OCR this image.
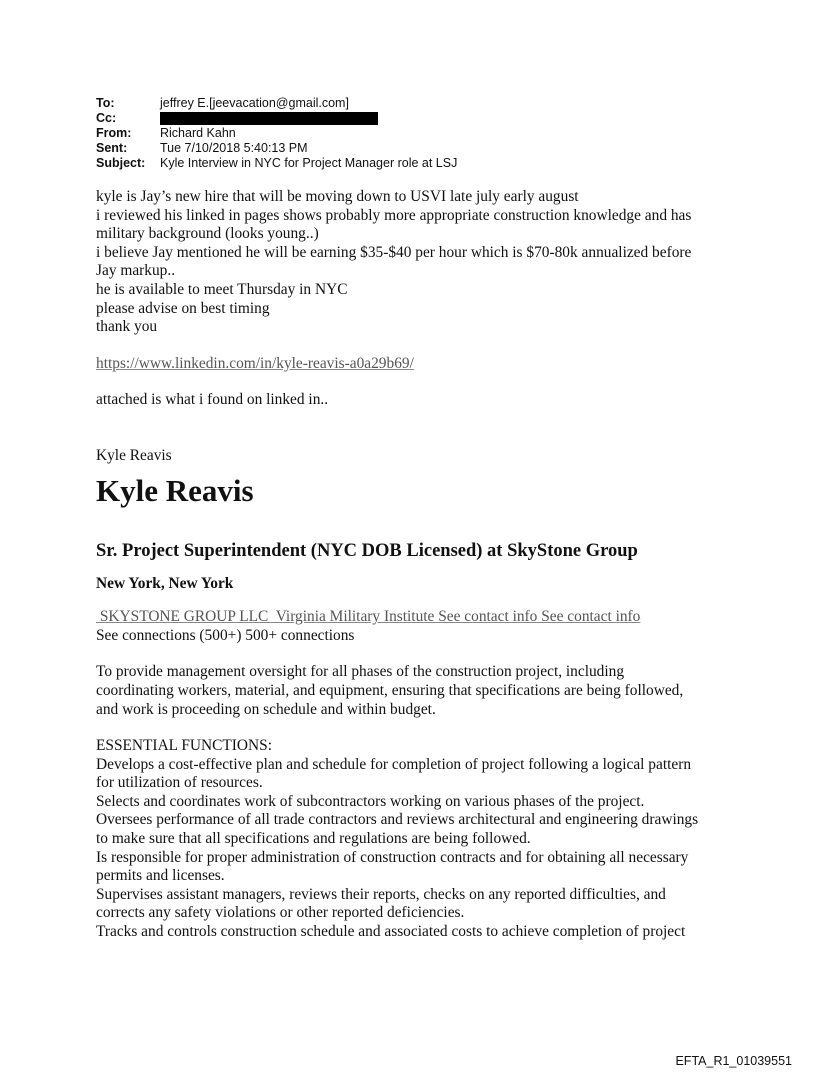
To:	jeffrey E.[jeevacation@gmail.com]
Cc:
From:	Richard Kahn
Sent:	Tue 7/10/2018 5:40:13 PM
Subject:	Kyle Interview in NYC for Project Manager role at LSJ

kyle is Jay’s new hire that will be moving down to USVI late july early august

i reviewed his linked in pages shows probably more appropriate construction knowledge and has

military background (looks young..)

i believe Jay mentioned he will be earning $35-$40 per hour which is $70-80k annualized before

Jay markup..

he is available to meet Thursday in NYC

please advise on best timing

thank you

https://www.linkedin.com/in/kyle-reavis-a0a29b69/

attached is what i found on linked in..

Kyle Reavis

Kyle Reavis

Sr. Project Superintendent (NYC DOB Licensed) at SkyStone Group

New York, New York

SKYSTONE GROUP LLC  Virginia Military Institute See contact info See contact info

See connections (500+) 500+ connections

To provide management oversight for all phases of the construction project, including

coordinating workers, material, and equipment, ensuring that specifications are being followed,

and work is proceeding on schedule and within budget.

ESSENTIAL FUNCTIONS:

Develops a cost-effective plan and schedule for completion of project following a logical pattern

for utilization of resources.

Selects and coordinates work of subcontractors working on various phases of the project.

Oversees performance of all trade contractors and reviews architectural and engineering drawings

to make sure that all specifications and regulations are being followed.

Is responsible for proper administration of construction contracts and for obtaining all necessary

permits and licenses.

Supervises assistant managers, reviews their reports, checks on any reported difficulties, and

corrects any safety violations or other reported deficiencies.

Tracks and controls construction schedule and associated costs to achieve completion of project

EFTA_R1_01039551
